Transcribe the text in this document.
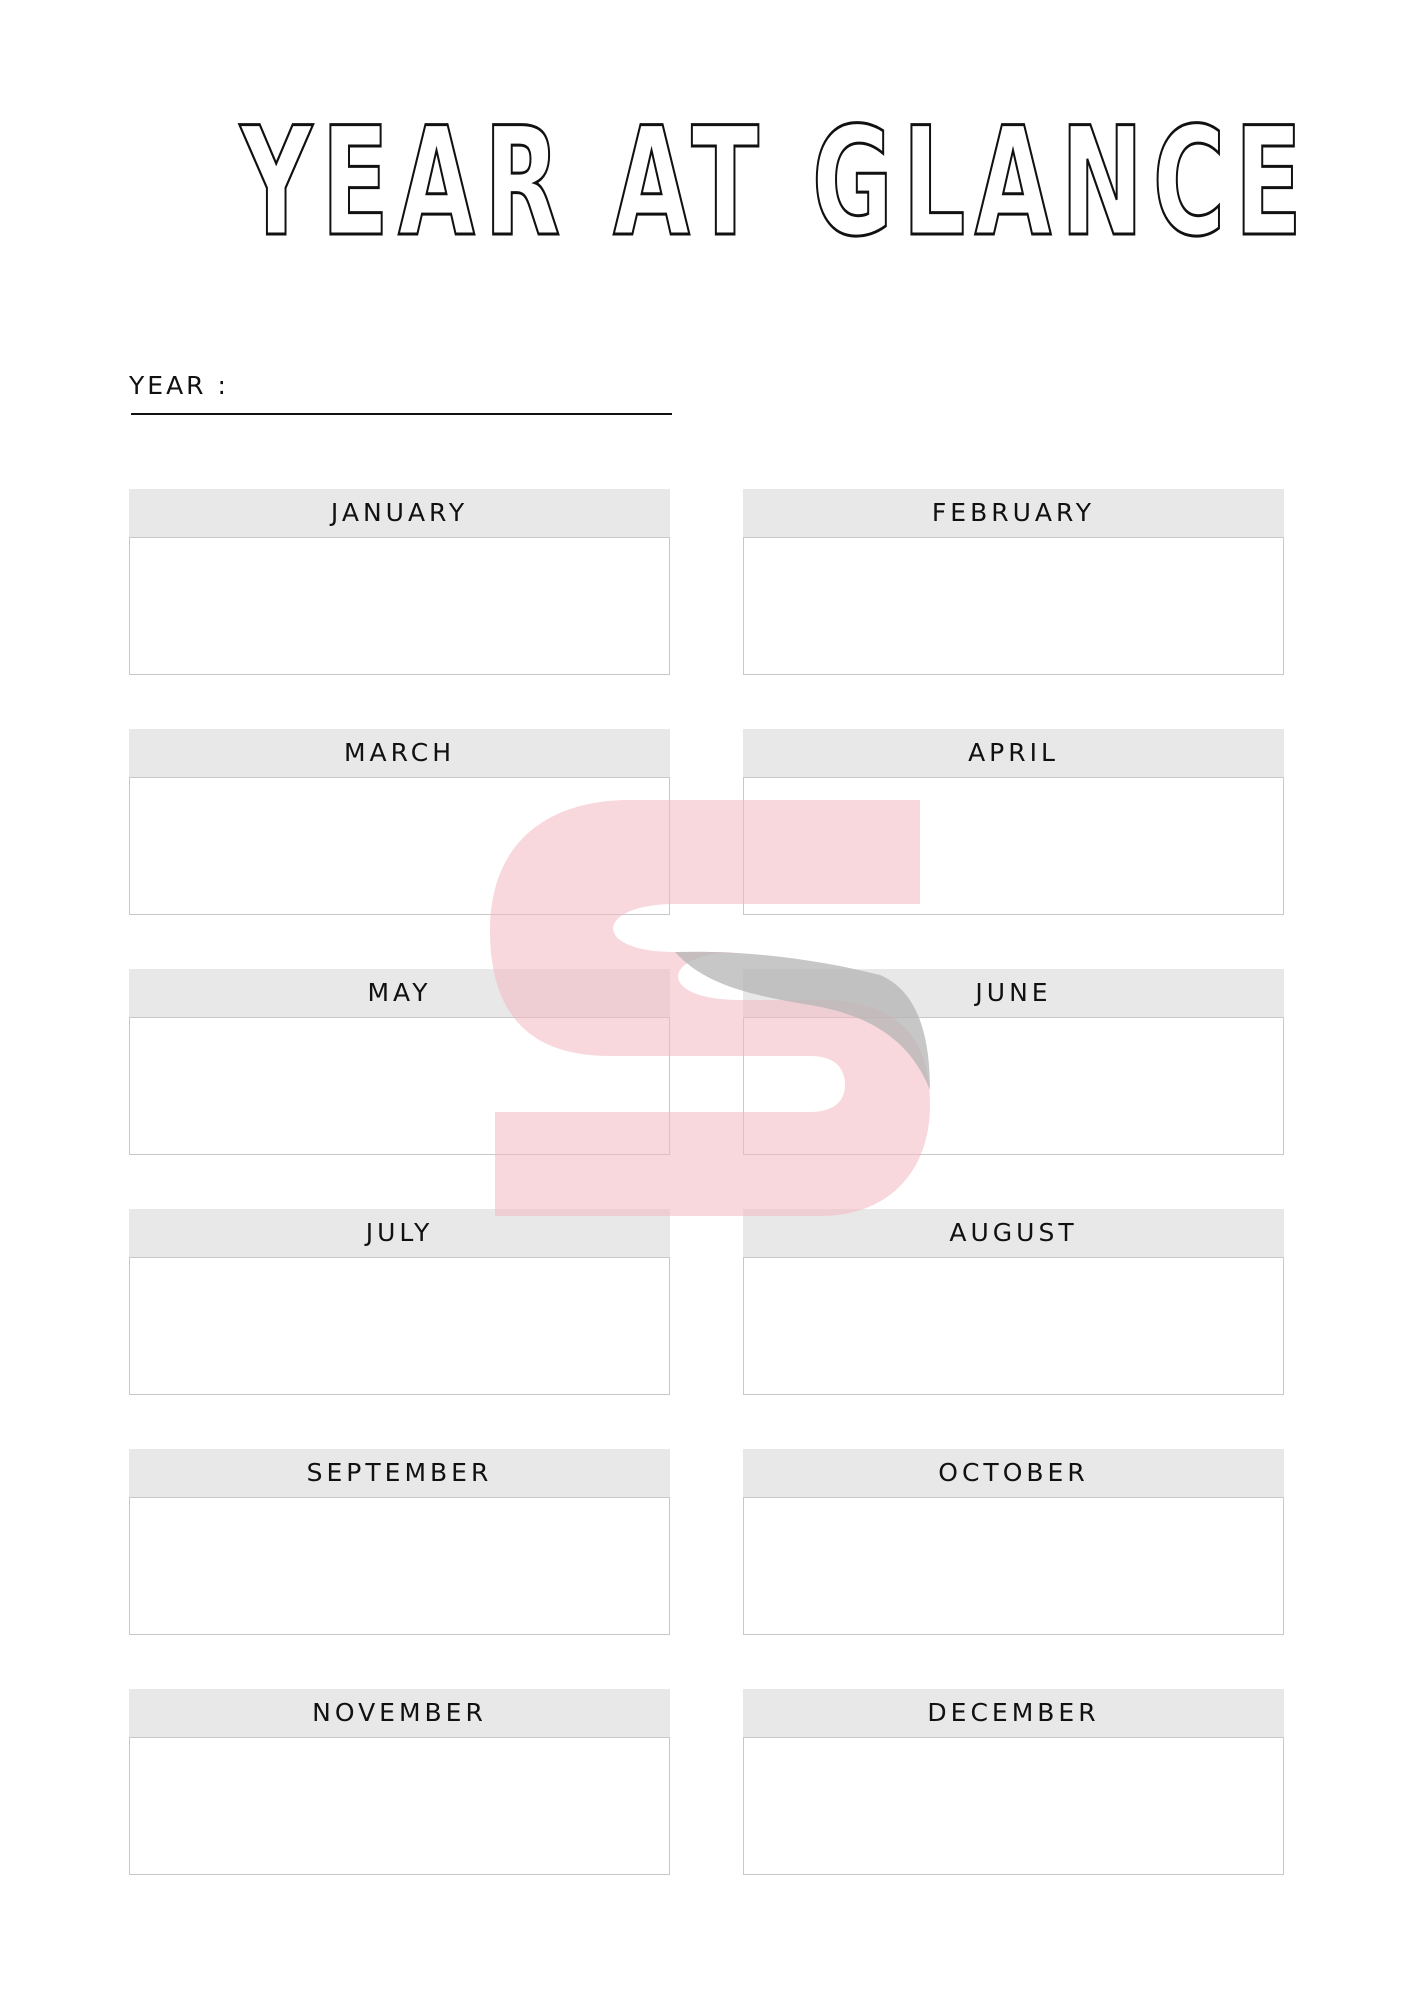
YEAR AT GLANCE
YEAR :
JANUARY	FEBRUARY
MARCH	APRIL
MAY	JUNE
JULY	AUGUST
SEPTEMBER	OCTOBER
NOVEMBER	DECEMBER
